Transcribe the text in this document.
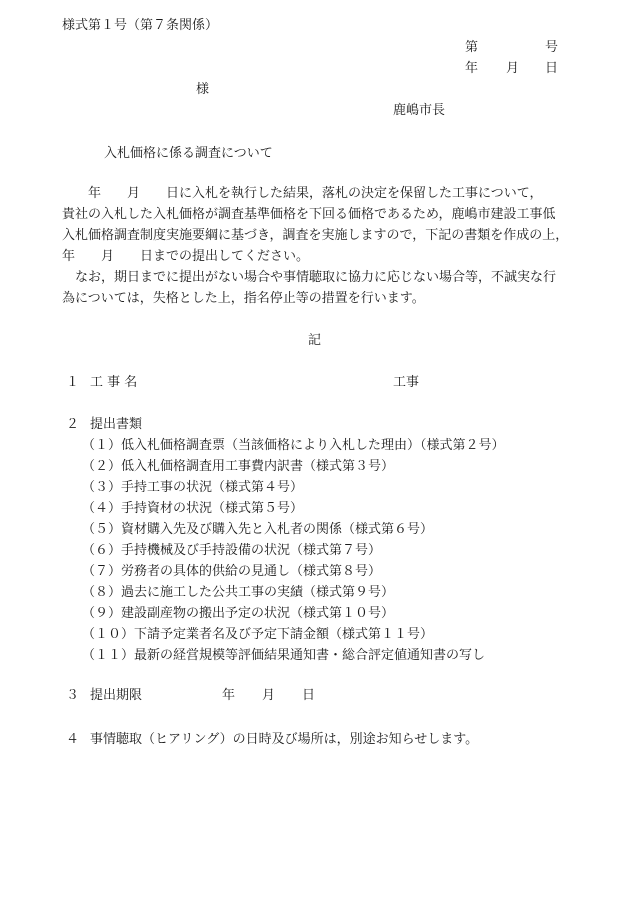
様式第１号（第７条関係）
第	号
年 月 日
様
鹿嶋市長
入札価格に係る調査について
　　年　　月　　日に入札を執行した結果，落札の決定を保留した工事について，
貴社の入札した入札価格が調査基準価格を下回る価格であるため，鹿嶋市建設工事低
入札価格調査制度実施要綱に基づき，調査を実施しますので，下記の書類を作成の上，
年　　月　　日までの提出してください。
　なお，期日までに提出がない場合や事情聴取に協力に応じない場合等，不誠実な行
為については，失格とした上，指名停止等の措置を行います。
記
１ 工 事 名	工事
２ 提出書類
（１）低入札価格調査票（当該価格により入札した理由）（様式第２号）
（２）低入札価格調査用工事費内訳書（様式第３号）
（３）手持工事の状況（様式第４号）
（４）手持資材の状況（様式第５号）
（５）資材購入先及び購入先と入札者の関係（様式第６号）
（６）手持機械及び手持設備の状況（様式第７号）
（７）労務者の具体的供給の見通し（様式第８号）
（８）過去に施工した公共工事の実績（様式第９号）
（９）建設副産物の搬出予定の状況（様式第１０号）
（１０）下請予定業者名及び予定下請金額（様式第１１号）
（１１）最新の経営規模等評価結果通知書・総合評定値通知書の写し
３ 提出期限	年 月 日
４ 事情聴取（ヒアリング）の日時及び場所は，別途お知らせします。
